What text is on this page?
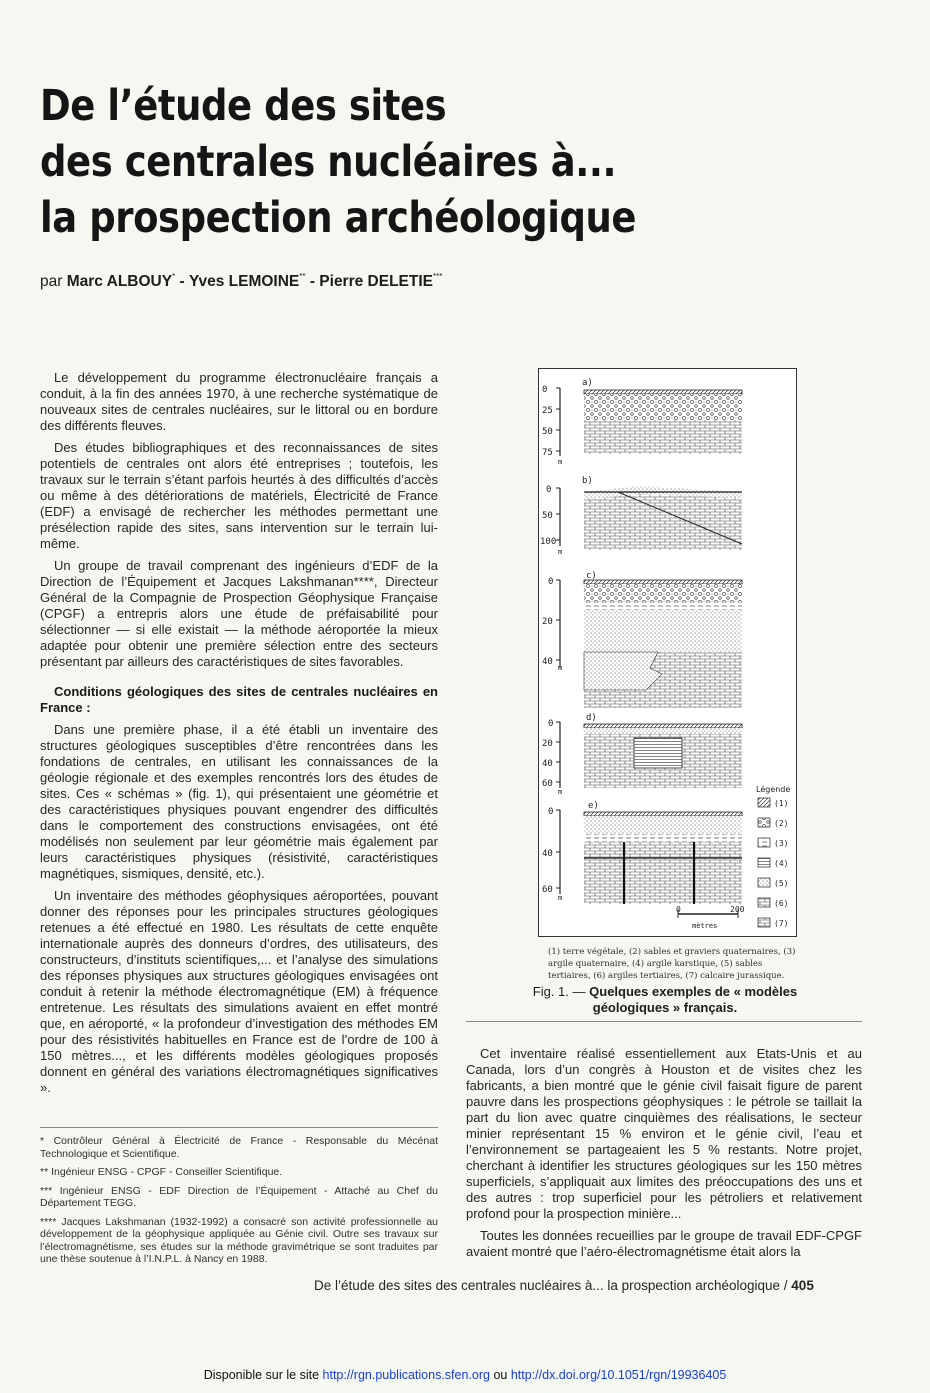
De l’étude des sites
des centrales nucléaires à...
la prospection archéologique
par Marc ALBOUY* - Yves LEMOINE** - Pierre DELETIE***

Le développement du programme électronucléaire français a conduit, à la fin des années 1970, à une recherche systématique de nouveaux sites de centrales nucléaires, sur le littoral ou en bordure des différents fleuves.

Des études bibliographiques et des reconnaissances de sites potentiels de centrales ont alors été entreprises ; toutefois, les travaux sur le terrain s’étant parfois heurtés à des difficultés d’accès ou même à des détériorations de matériels, Électricité de France (EDF) a envisagé de rechercher les méthodes permettant une présélection rapide des sites, sans intervention sur le terrain lui-même.

Un groupe de travail comprenant des ingénieurs d’EDF de la Direction de l’Équipement et Jacques Lakshmanan****, Directeur Général de la Compagnie de Prospection Géophysique Française (CPGF) a entrepris alors une étude de préfaisabilité pour sélectionner — si elle existait — la méthode aéroportée la mieux adaptée pour obtenir une première sélection entre des secteurs présentant par ailleurs des caractéristiques de sites favorables.

Conditions géologiques des sites de centrales nucléaires en France :

Dans une première phase, il a été établi un inventaire des structures géologiques susceptibles d’être rencontrées dans les fondations de centrales, en utilisant les connaissances de la géologie régionale et des exemples rencontrés lors des études de sites. Ces « schémas » (fig. 1), qui présentaient une géométrie et des caractéristiques physiques pouvant engendrer des difficultés dans le comportement des constructions envisagées, ont été modélisés non seulement par leur géométrie mais également par leurs caractéristiques physiques (résistivité, caractéristiques magnétiques, sismiques, densité, etc.).

Un inventaire des méthodes géophysiques aéroportées, pouvant donner des réponses pour les principales structures géologiques retenues a été effectué en 1980. Les résultats de cette enquête internationale auprès des donneurs d’ordres, des utilisateurs, des constructeurs, d’instituts scientifiques,... et l’analyse des simulations des réponses physiques aux structures géologiques envisagées ont conduit à retenir la méthode électromagnétique (EM) à fréquence entretenue. Les résultats des simulations avaient en effet montré que, en aéroporté, « la profondeur d’investigation des méthodes EM pour des résistivités habituelles en France est de l’ordre de 100 à 150 mètres..., et les différents modèles géologiques proposés donnent en général des variations électromagnétiques significatives ».

* Contrôleur Général à Électricité de France - Responsable du Mécénat Technologique et Scientifique.

** Ingénieur ENSG - CPGF - Conseiller Scientifique.

*** Ingénieur ENSG - EDF Direction de l’Équipement - Attaché au Chef du Département TEGG.

**** Jacques Lakshmanan (1932-1992) a consacré son activité professionnelle au développement de la géophysique appliquée au Génie civil. Outre ses travaux sur l’électromagnétisme, ses études sur la méthode gravimétrique se sont traduites par une thèse soutenue à l’I.N.P.L. à Nancy en 1988.

a)
0
25
50
75
m
b)
0
50
100
m
c)
0
20
40
m
d)
0
20
40
60
m
e)
0
40
60
m
0	200
mètres
Légende
(1)
(2)
(3)
(4)
(5)
(6)
(7)
(1) terre végétale, (2) sables et graviers quaternaires, (3) argile quaternaire, (4) argile karstique, (5) sables tertiaires, (6) argiles tertiaires, (7) calcaire jurassique.
Fig. 1. — Quelques exemples de « modèles géologiques » français.

Cet inventaire réalisé essentiellement aux Etats-Unis et au Canada, lors d’un congrès à Houston et de visites chez les fabricants, a bien montré que le génie civil faisait figure de parent pauvre dans les prospections géophysiques : le pétrole se taillait la part du lion avec quatre cinquièmes des réalisations, le secteur minier représentant 15 % environ et le génie civil, l’eau et l’environnement se partageaient les 5 % restants. Notre projet, cherchant à identifier les structures géologiques sur les 150 mètres superficiels, s’appliquait aux limites des préoccupations des uns et des autres : trop superficiel pour les pétroliers et relativement profond pour la prospection minière...

Toutes les données recueillies par le groupe de travail EDF-CPGF avaient montré que l’aéro-électromagnétisme était alors la

De l’étude des sites des centrales nucléaires à... la prospection archéologique / 405
Disponible sur le site http://rgn.publications.sfen.org ou http://dx.doi.org/10.1051/rgn/19936405
